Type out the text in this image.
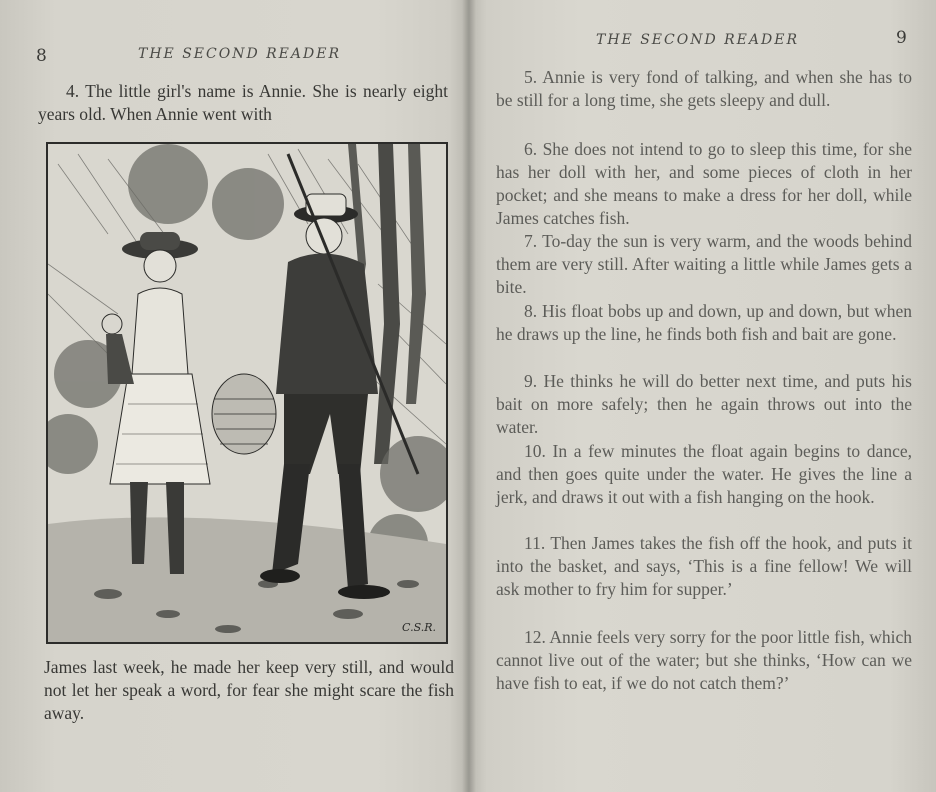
8	THE SECOND READER
4. The little girl's name is Annie. She is nearly eight years old. When Annie went with
C.S.R.
James last week, he made her keep very still, and would not let her speak a word, for fear she might scare the fish away.
THE SECOND READER	9
5. Annie is very fond of talking, and when she has to be still for a long time, she gets sleepy and dull.
6. She does not intend to go to sleep this time, for she has her doll with her, and some pieces of cloth in her pocket; and she means to make a dress for her doll, while James catches fish.
7. To-day the sun is very warm, and the woods behind them are very still. After waiting a little while James gets a bite.
8. His float bobs up and down, up and down, but when he draws up the line, he finds both fish and bait are gone.
9. He thinks he will do better next time, and puts his bait on more safely; then he again throws out into the water.
10. In a few minutes the float again begins to dance, and then goes quite under the water. He gives the line a jerk, and draws it out with a fish hanging on the hook.
11. Then James takes the fish off the hook, and puts it into the basket, and says, ‘This is a fine fellow! We will ask mother to fry him for supper.’
12. Annie feels very sorry for the poor little fish, which cannot live out of the water; but she thinks, ‘How can we have fish to eat, if we do not catch them?’
